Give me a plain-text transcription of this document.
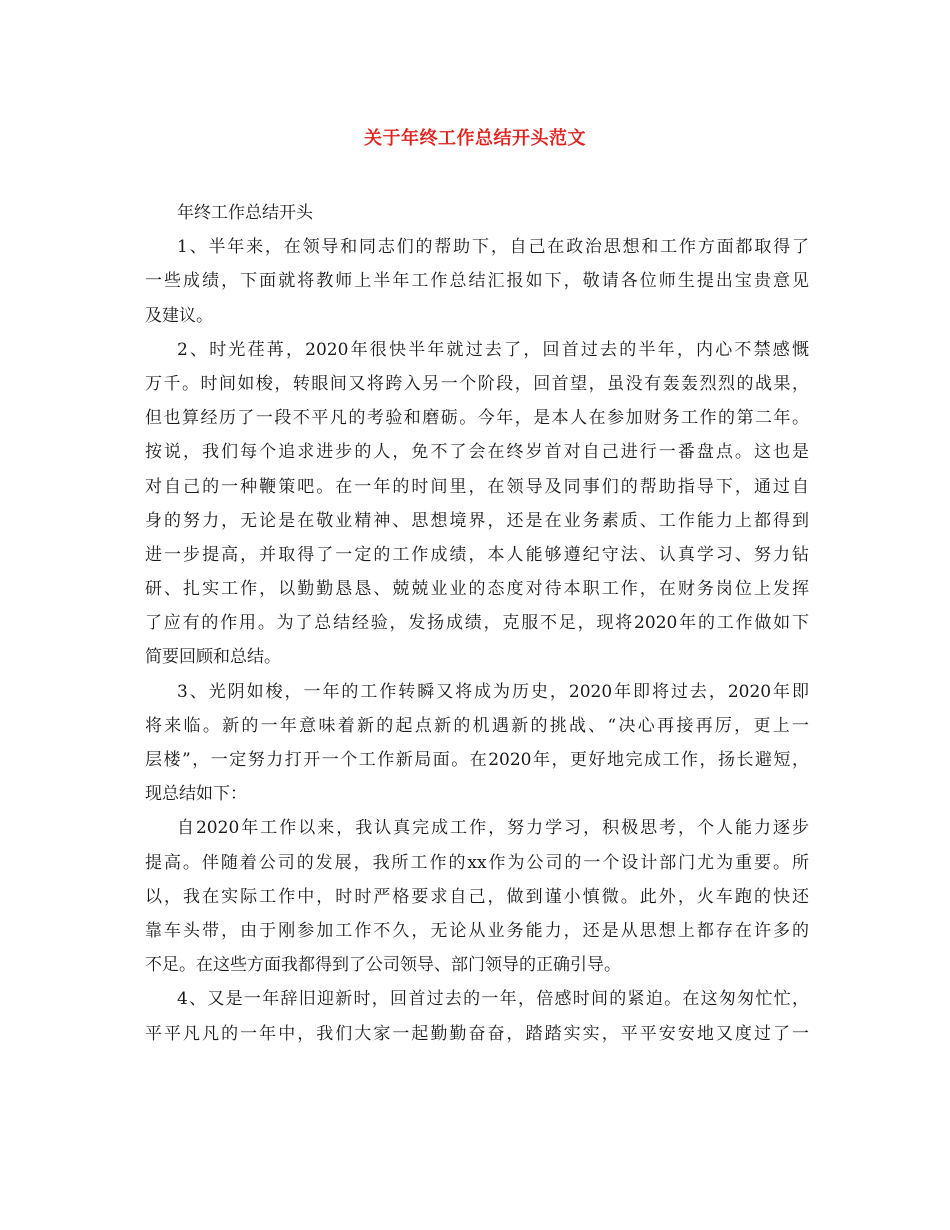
关于年终工作总结开头范文
年终工作总结开头
1、半年来，在领导和同志们的帮助下，自己在政治思想和工作方面都取得了
一些成绩，下面就将教师上半年工作总结汇报如下，敬请各位师生提出宝贵意见
及建议。
2、时光荏苒，2020年很快半年就过去了，回首过去的半年，内心不禁感慨
万千。时间如梭，转眼间又将跨入另一个阶段，回首望，虽没有轰轰烈烈的战果，
但也算经历了一段不平凡的考验和磨砺。今年，是本人在参加财务工作的第二年。
按说，我们每个追求进步的人，免不了会在终岁首对自己进行一番盘点。这也是
对自己的一种鞭策吧。在一年的时间里，在领导及同事们的帮助指导下，通过自
身的努力，无论是在敬业精神、思想境界，还是在业务素质、工作能力上都得到
进一步提高，并取得了一定的工作成绩，本人能够遵纪守法、认真学习、努力钻
研、扎实工作，以勤勤恳恳、兢兢业业的态度对待本职工作，在财务岗位上发挥
了应有的作用。为了总结经验，发扬成绩，克服不足，现将2020年的工作做如下
简要回顾和总结。
3、光阴如梭，一年的工作转瞬又将成为历史，2020年即将过去，2020年即
将来临。新的一年意味着新的起点新的机遇新的挑战、“决心再接再厉，更上一
层楼”，一定努力打开一个工作新局面。在2020年，更好地完成工作，扬长避短，
现总结如下：
自2020年工作以来，我认真完成工作，努力学习，积极思考，个人能力逐步
提高。伴随着公司的发展，我所工作的xx作为公司的一个设计部门尤为重要。所
以，我在实际工作中，时时严格要求自己，做到谨小慎微。此外，火车跑的快还
靠车头带，由于刚参加工作不久，无论从业务能力，还是从思想上都存在许多的
不足。在这些方面我都得到了公司领导、部门领导的正确引导。
4、又是一年辞旧迎新时，回首过去的一年，倍感时间的紧迫。在这匆匆忙忙，
平平凡凡的一年中，我们大家一起勤勤奋奋，踏踏实实，平平安安地又度过了一
